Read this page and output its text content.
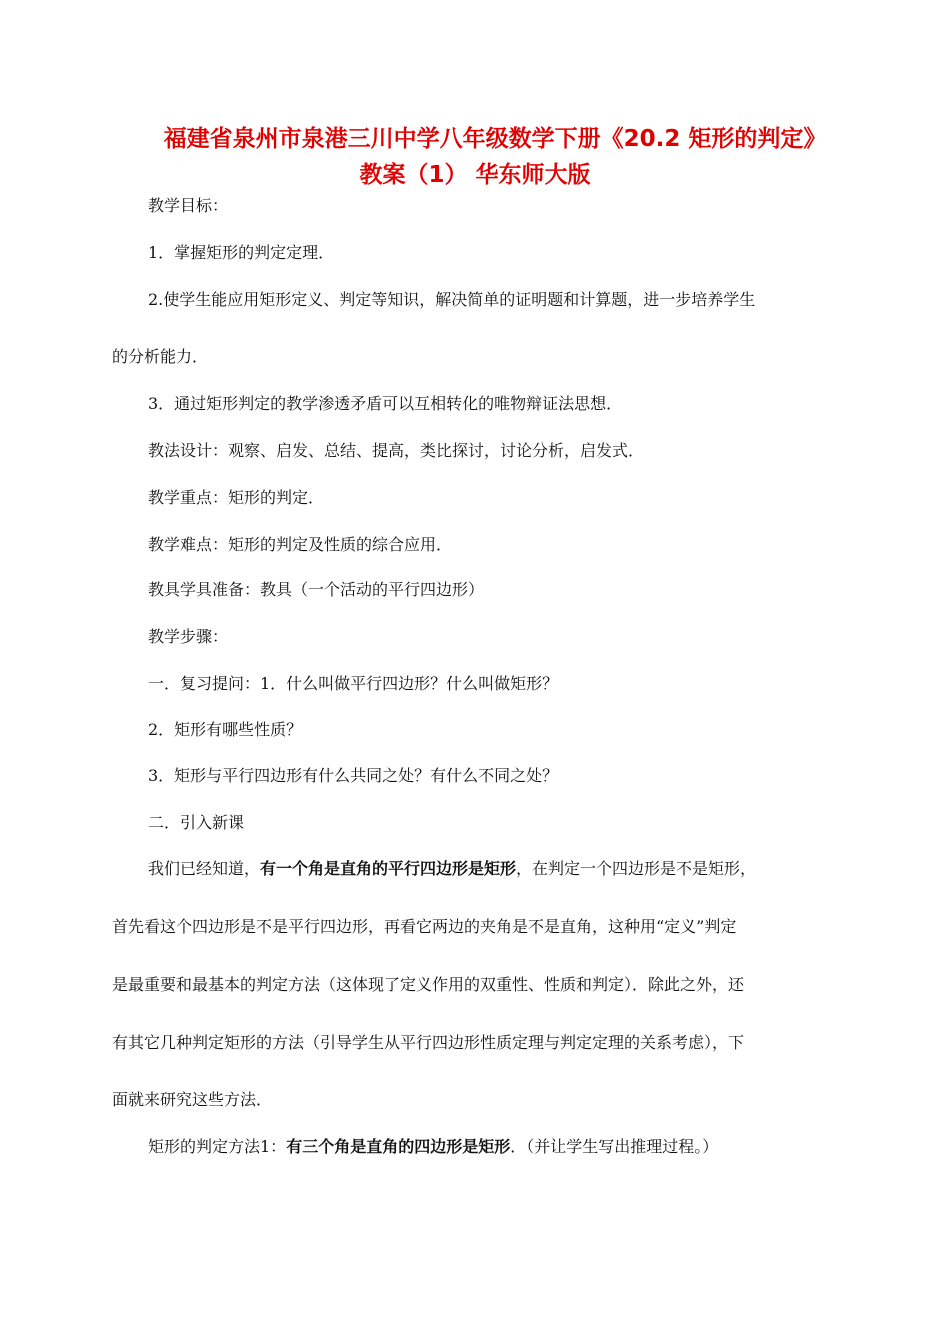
福建省泉州市泉港三川中学八年级数学下册《20.2 矩形的判定》
教案（1） 华东师大版
教学目标：
1．掌握矩形的判定定理．
2.使学生能应用矩形定义、判定等知识，解决简单的证明题和计算题，进一步培养学生
的分析能力．
3．通过矩形判定的教学渗透矛盾可以互相转化的唯物辩证法思想．
教法设计：观察、启发、总结、提高，类比探讨，讨论分析，启发式．
教学重点：矩形的判定．
教学难点：矩形的判定及性质的综合应用．
教具学具准备：教具（一个活动的平行四边形）
教学步骤：
一．复习提问：1．什么叫做平行四边形？什么叫做矩形？
2．矩形有哪些性质？
3．矩形与平行四边形有什么共同之处？有什么不同之处？
二．引入新课
我们已经知道，有一个角是直角的平行四边形是矩形，在判定一个四边形是不是矩形，
首先看这个四边形是不是平行四边形，再看它两边的夹角是不是直角，这种用“定义”判定
是最重要和最基本的判定方法（这体现了定义作用的双重性、性质和判定）．除此之外，还
有其它几种判定矩形的方法（引导学生从平行四边形性质定理与判定定理的关系考虑），下
面就来研究这些方法．
矩形的判定方法1：有三个角是直角的四边形是矩形．（并让学生写出推理过程。）
